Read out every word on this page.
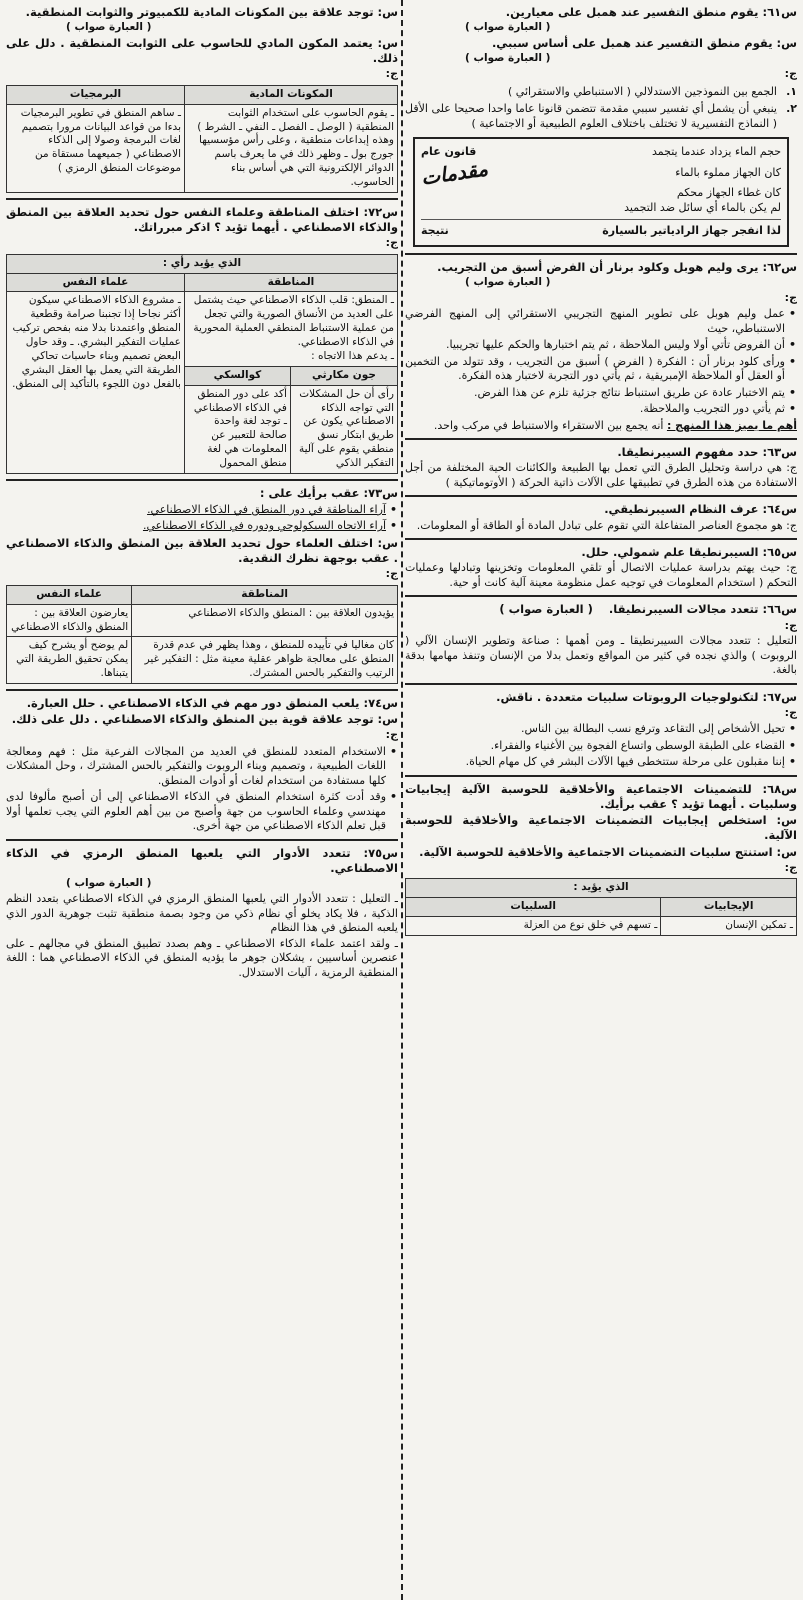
س٦١: يقوم منطق التفسير عند همبل على معيارين.

( العبارة صواب )

س: يقوم منطق التفسير عند همبل على أساس سببي.

( العبارة صواب )

ج:

١.
الجمع بين النموذجين الاستدلالي ( الاستنباطي والاستقرائي )
٢.
ينبغي أن يشمل أي تفسير سببي مقدمة تتضمن قانونا عاما واحدا صحيحا على الأقل ( النماذج التفسيرية لا تختلف باختلاف العلوم الطبيعية أو الاجتماعية )
حجم الماء يزداد عندما يتجمد
قانون عام
كان الجهاز مملوء بالماء
مقدمات
كان غطاء الجهاز محكم
لم يكن بالماء أي سائل ضد التجميد
لذا انفجر جهاز الرادياتير بالسيارة
نتيجة

س٦٢: يرى وليم هوبل وكلود برنار أن الفرض أسبق من التجريب.

( العبارة صواب )

ج:

• عمل وليم هوبل على تطوير المنهج التجريبي الاستقرائي إلى المنهج الفرضي الاستنباطي، حيث
• أن الفروض تأتي أولا وليس الملاحظة ، ثم يتم اختبارها والحكم عليها تجريبيا.
• ورأى كلود برنار أن : الفكرة ( الفرض ) أسبق من التجريب ، وقد تتولد من التخمين أو العقل أو الملاحظة الإمبريقية ، ثم يأتي دور التجربة لاختبار هذه الفكرة.
• يتم الاختبار عادة عن طريق استنباط نتائج جزئية تلزم عن هذا الفرض.
• ثم يأتي دور التجريب والملاحظة.

أهم ما يميز هذا المنهج : أنه يجمع بين الاستقراء والاستنباط في مركب واحد.

س٦٣: حدد مفهوم السيبرنطيقا.

ج: هي دراسة وتحليل الطرق التي تعمل بها الطبيعة والكائنات الحية المختلفة من أجل الاستفادة من هذه الطرق في تطبيقها على الآلات ذاتية الحركة ( الأوتوماتيكية )

س٦٤: عرف النظام السيبرنطيقي.

ج: هو مجموع العناصر المتفاعلة التي تقوم على تبادل المادة أو الطاقة أو المعلومات.

س٦٥: السيبرنطيقا علم شمولي. حلل.

ج: حيث يهتم بدراسة عمليات الاتصال أو تلقي المعلومات وتخزينها وتبادلها وعمليات التحكم ( استخدام المعلومات في توجيه عمل منظومة معينة آلية كانت أو حية.

س٦٦: تتعدد مجالات السيبرنطيقا.    ( العبارة صواب )

ج:

التعليل : تتعدد مجالات السيبرنطيقا ـ ومن أهمها : صناعة وتطوير الإنسان الآلي ( الروبوت ) والذي نجده في كثير من المواقع وتعمل بدلا من الإنسان وتنفذ مهامها بدقة بالغة.

س٦٧: لتكنولوجيات الروبوتات سلبيات متعددة . ناقش.

ج:

• تحيل الأشخاص إلى التقاعد وترفع نسب البطالة بين الناس.
• القضاء على الطبقة الوسطى واتساع الفجوة بين الأغنياء والفقراء.
• إننا مقبلون على مرحلة ستتخطى فيها الآلات البشر في كل مهام الحياة.

س٦٨: للتضمينات الاجتماعية والأخلاقية للحوسبة الآلية إيجابيات وسلبيات . أيهما تؤيد ؟ عقب برأيك.

س: استخلص إيجابيات التضمينات الاجتماعية والأخلاقية للحوسبة الآلية.

س: استنتج سلبيات التضمينات الاجتماعية والأخلاقية للحوسبة الآلية.

ج:

الذي يؤيد :	
الإيجابيات	السلبيات
ـ تمكين الإنسان	ـ تسهم في خلق نوع من العزلة

س: توجد علاقة بين المكونات المادية للكمبيوتر والثوابت المنطقية.

( العبارة صواب )

س: يعتمد المكون المادي للحاسوب على الثوابت المنطقية . دلل على ذلك.

ج:

المكونات المادية	البرمجيات
ـ يقوم الحاسوب على استخدام الثوابت المنطقية ( الوصل ـ الفصل ـ النفي ـ الشرط ) وهذه إبداعات منطقية ، وعلى رأس مؤسسيها جورج بول ـ وظهر ذلك في ما يعرف باسم الدوائر الإلكترونية التي هي أساس بناء الحاسوب.	ـ ساهم المنطق في تطوير البرمجيات بدءا من قواعد البيانات مرورا بتصميم لغات البرمجة وصولا إلى الذكاء الاصطناعي ( جميعهما مستقاة من موضوعات المنطق الرمزي )

س٧٢: اختلف المناطقة وعلماء النفس حول تحديد العلاقة بين المنطق والذكاء الاصطناعي . أيهما تؤيد ؟ اذكر مبرراتك.

ج:

الذي يؤيد رأي :		
المناطقة		علماء النفس

ـ المنطق: قلب الذكاء الاصطناعي حيث يشتمل على العديد من الأنساق الصورية والتي تجعل من عملية الاستنباط المنطقي العملية المحورية في الذكاء الاصطناعي.
ـ يدعم هذا الاتجاه :		ـ مشروع الذكاء الاصطناعي سيكون أكثر نجاحا إذا تجنبنا صرامة وقطعية المنطق واعتمدنا بدلا منه بفحص تركيب عمليات التفكير البشري. ـ وقد حاول البعض تصميم وبناء حاسبات تحاكي الطريقة التي يعمل بها العقل البشري بالفعل دون اللجوء بالتأكيد إلى المنطق.
جون مكارثي	كوالسكي	
رأى أن حل المشكلات التي تواجه الذكاء الاصطناعي يكون عن طريق ابتكار نسق منطقي يقوم على آلية التفكير الذكي	أكد على دور المنطق في الذكاء الاصطناعي ـ توجد لغة واحدة صالحة للتعبير عن المعلومات هي لغة منطق المحمول	

س٧٣: عقب برأيك على :

• آراء المناطقة في دور المنطق في الذكاء الاصطناعي.
• آراء الاتجاه السيكولوجي ودوره في الذكاء الاصطناعي.

س: اختلف العلماء حول تحديد العلاقة بين المنطق والذكاء الاصطناعي . عقب بوجهة نظرك النقدية.

ج:

المناطقة	علماء النفس
يؤيدون العلاقة بين : المنطق والذكاء الاصطناعي	يعارضون العلاقة بين : المنطق والذكاء الاصطناعي
كان مغاليا في تأييده للمنطق ، وهذا يظهر في عدم قدرة المنطق على معالجة ظواهر عقلية معينة مثل : التفكير غير الرتيب والتفكير بالحس المشترك.	لم يوضح أو يشرح كيف يمكن تحقيق الطريقة التي يتبناها.

س٧٤: يلعب المنطق دور مهم في الذكاء الاصطناعي . حلل العبارة.

س: توجد علاقة قوية بين المنطق والذكاء الاصطناعي . دلل على ذلك.

ج:

• الاستخدام المتعدد للمنطق في العديد من المجالات الفرعية مثل : فهم ومعالجة اللغات الطبيعية ، وتصميم وبناء الروبوت والتفكير بالحس المشترك ، وحل المشكلات كلها مستفادة من استخدام لغات أو أدوات المنطق.
• وقد أدت كثرة استخدام المنطق في الذكاء الاصطناعي إلى أن أصبح مألوفا لدى مهندسي وعلماء الحاسوب من جهة وأصبح من بين أهم العلوم التي يجب تعلمها أولا قبل تعلم الذكاء الاصطناعي من جهة أخرى.

س٧٥: تتعدد الأدوار التي يلعبها المنطق الرمزي في الذكاء الاصطناعي.

( العبارة صواب )

ـ التعليل : تتعدد الأدوار التي يلعبها المنطق الرمزي في الذكاء الاصطناعي بتعدد النظم الذكية ، فلا يكاد يخلو أي نظام ذكي من وجود بصمة منطقية تثبت جوهرية الدور الذي يلعبه المنطق في هذا النظام

ـ ولقد اعتمد علماء الذكاء الاصطناعي ـ وهم بصدد تطبيق المنطق في مجالهم ـ على عنصرين أساسيين ، يشكلان جوهر ما يؤديه المنطق في الذكاء الاصطناعي هما : اللغة المنطقية الرمزية ، آليات الاستدلال.
